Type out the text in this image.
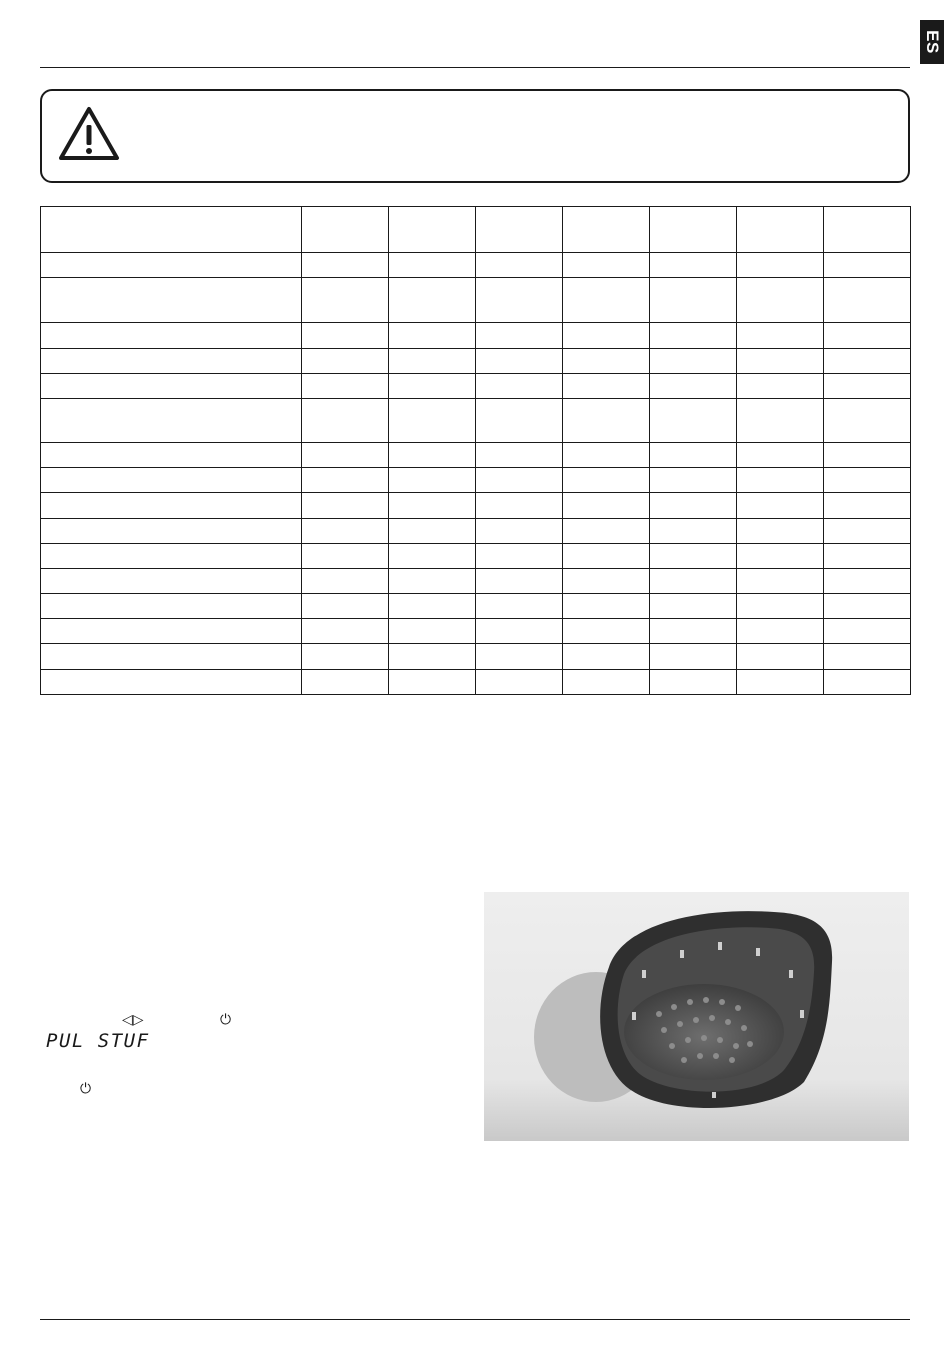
ES

◁▷	⏻
PUL STUF
⏻
